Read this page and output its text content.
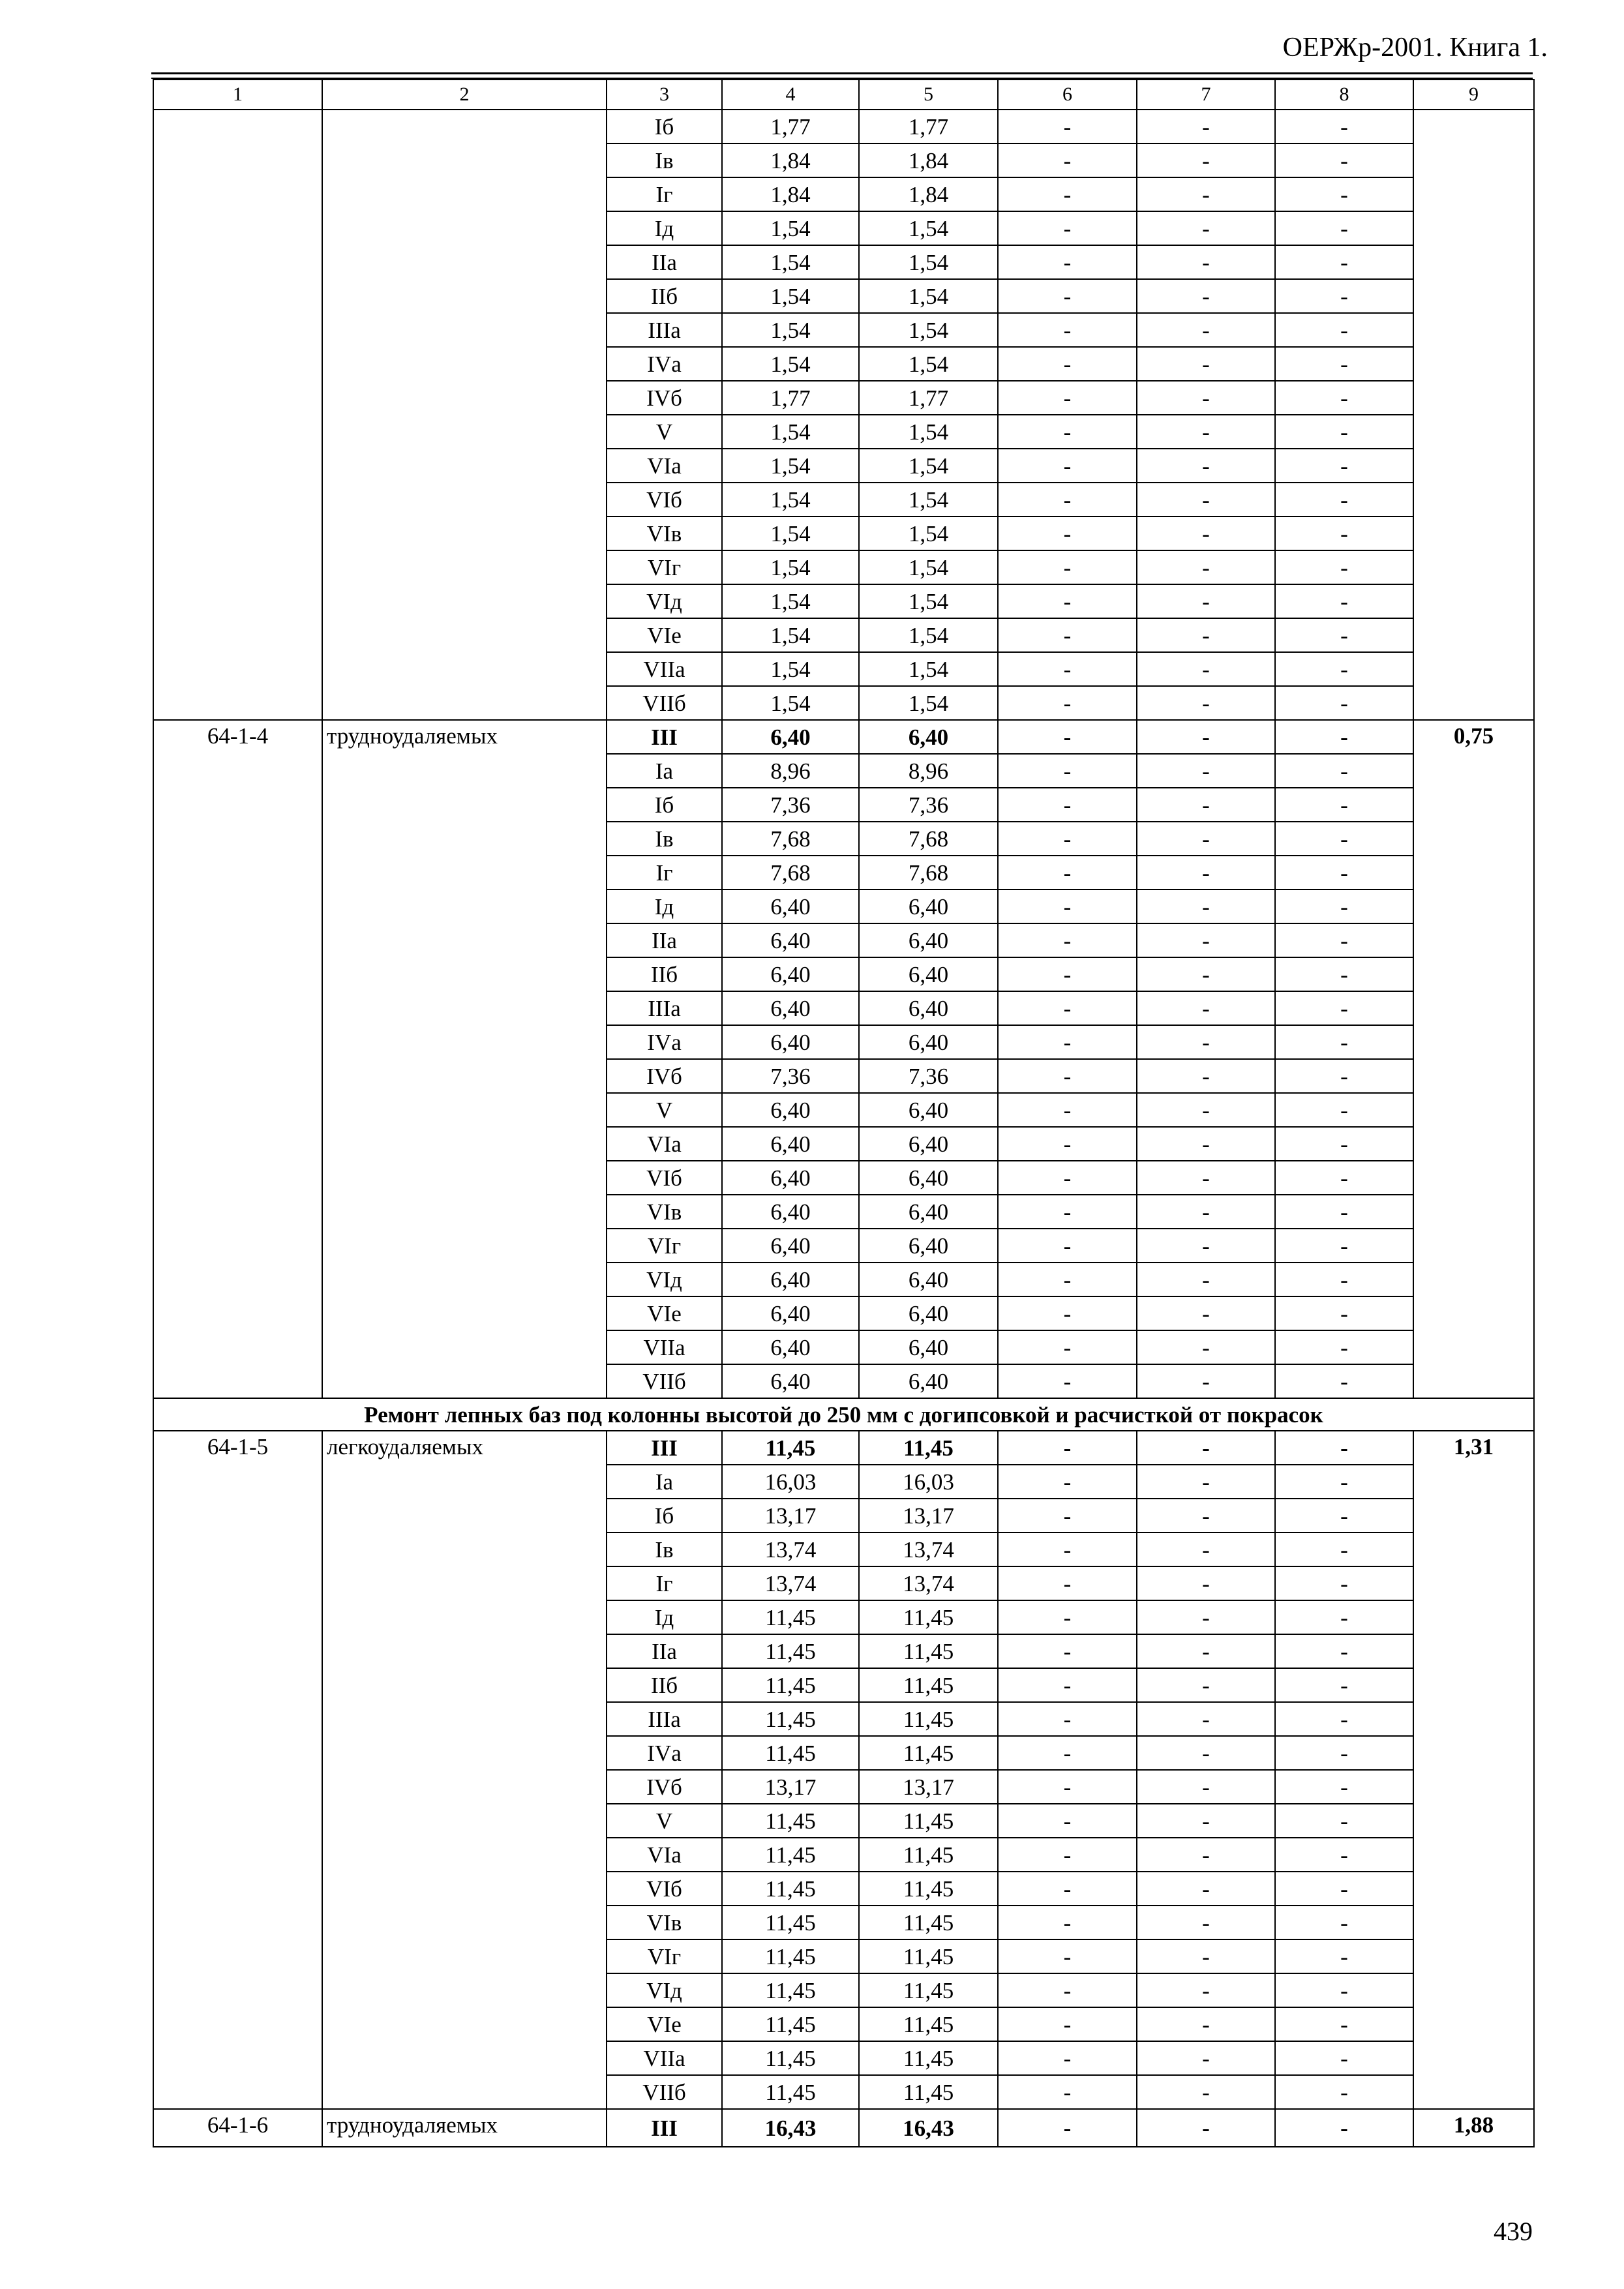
ОЕРЖр-2001. Книга 1.
1	2	3	4	5	6	7	8	9
		Iб	1,77	1,77	-	-	-	
		Iв	1,84	1,84	-	-	-	
		Iг	1,84	1,84	-	-	-	
		Iд	1,54	1,54	-	-	-	
		IIа	1,54	1,54	-	-	-	
		IIб	1,54	1,54	-	-	-	
		IIIа	1,54	1,54	-	-	-	
		IVа	1,54	1,54	-	-	-	
		IVб	1,77	1,77	-	-	-	
		V	1,54	1,54	-	-	-	
		VIа	1,54	1,54	-	-	-	
		VIб	1,54	1,54	-	-	-	
		VIв	1,54	1,54	-	-	-	
		VIг	1,54	1,54	-	-	-	
		VIд	1,54	1,54	-	-	-	
		VIе	1,54	1,54	-	-	-	
		VIIа	1,54	1,54	-	-	-	
		VIIб	1,54	1,54	-	-	-	
64-1-4	трудноудаляемых	III	6,40	6,40	-	-	-	0,75
		Iа	8,96	8,96	-	-	-	
		Iб	7,36	7,36	-	-	-	
		Iв	7,68	7,68	-	-	-	
		Iг	7,68	7,68	-	-	-	
		Iд	6,40	6,40	-	-	-	
		IIа	6,40	6,40	-	-	-	
		IIб	6,40	6,40	-	-	-	
		IIIа	6,40	6,40	-	-	-	
		IVа	6,40	6,40	-	-	-	
		IVб	7,36	7,36	-	-	-	
		V	6,40	6,40	-	-	-	
		VIа	6,40	6,40	-	-	-	
		VIб	6,40	6,40	-	-	-	
		VIв	6,40	6,40	-	-	-	
		VIг	6,40	6,40	-	-	-	
		VIд	6,40	6,40	-	-	-	
		VIе	6,40	6,40	-	-	-	
		VIIа	6,40	6,40	-	-	-	
		VIIб	6,40	6,40	-	-	-	
Ремонт лепных баз под колонны высотой до 250 мм с догипсовкой и расчисткой от покрасок								
64-1-5	легкоудаляемых	III	11,45	11,45	-	-	-	1,31
		Iа	16,03	16,03	-	-	-	
		Iб	13,17	13,17	-	-	-	
		Iв	13,74	13,74	-	-	-	
		Iг	13,74	13,74	-	-	-	
		Iд	11,45	11,45	-	-	-	
		IIа	11,45	11,45	-	-	-	
		IIб	11,45	11,45	-	-	-	
		IIIа	11,45	11,45	-	-	-	
		IVа	11,45	11,45	-	-	-	
		IVб	13,17	13,17	-	-	-	
		V	11,45	11,45	-	-	-	
		VIа	11,45	11,45	-	-	-	
		VIб	11,45	11,45	-	-	-	
		VIв	11,45	11,45	-	-	-	
		VIг	11,45	11,45	-	-	-	
		VIд	11,45	11,45	-	-	-	
		VIе	11,45	11,45	-	-	-	
		VIIа	11,45	11,45	-	-	-	
		VIIб	11,45	11,45	-	-	-	
64-1-6	трудноудаляемых	III	16,43	16,43	-	-	-	1,88
439
